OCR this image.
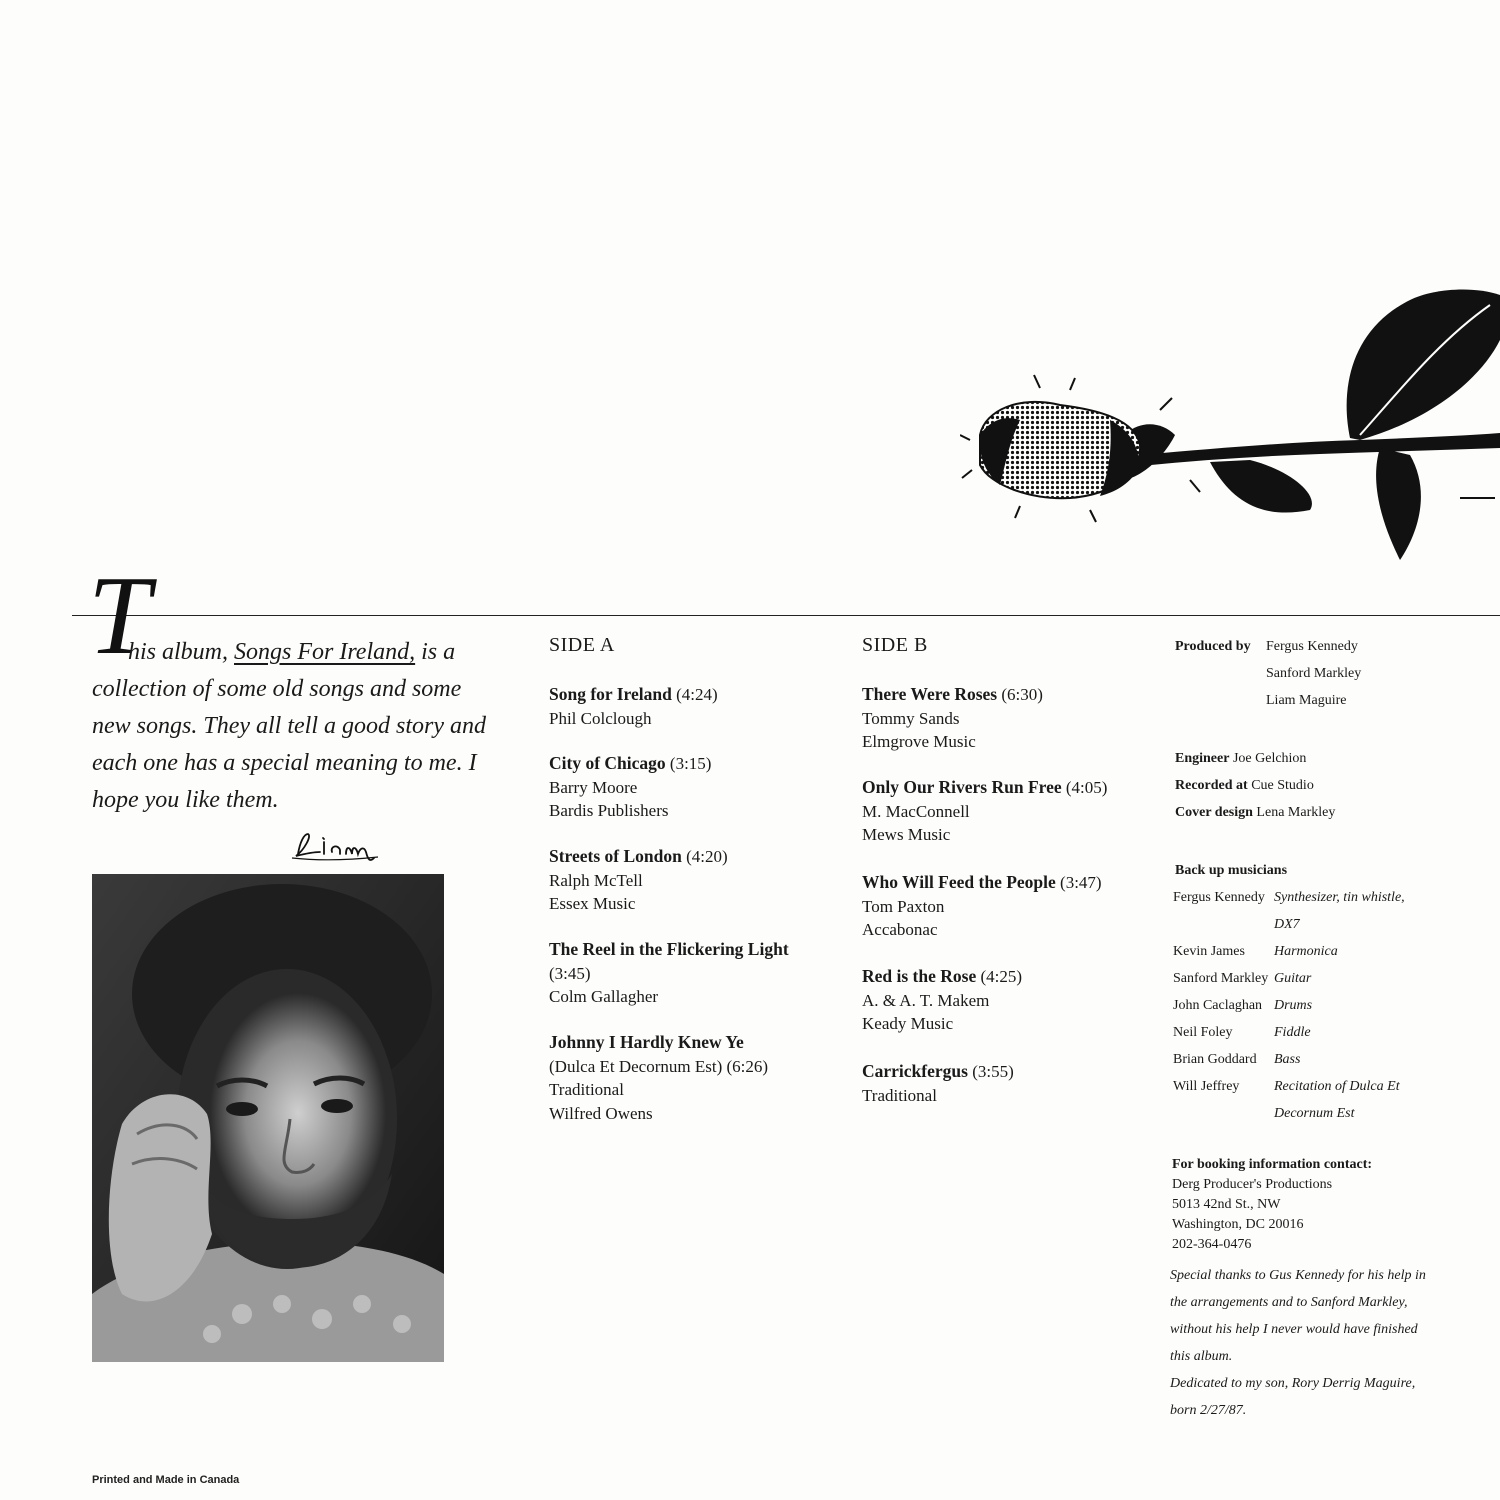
T
his album, Songs For Ireland, is a collection of some old songs and some new songs. They all tell a good story and each one has a special meaning to me. I hope you like them.
SIDE A
Song for Ireland (4:24)
Phil Colclough
City of Chicago (3:15)
Barry Moore
Bardis Publishers
Streets of London (4:20)
Ralph McTell
Essex Music
The Reel in the Flickering Light
(3:45)
Colm Gallagher
Johnny I Hardly Knew Ye
(Dulca Et Decornum Est) (6:26)
Traditional
Wilfred Owens
SIDE B
There Were Roses (6:30)
Tommy Sands
Elmgrove Music
Only Our Rivers Run Free (4:05)
M. MacConnell
Mews Music
Who Will Feed the People (3:47)
Tom Paxton
Accabonac
Red is the Rose (4:25)
A. & A. T. Makem
Keady Music
Carrickfergus (3:55)
Traditional
Produced by Fergus Kennedy
Sanford Markley
Liam Maguire
Engineer Joe Gelchion
Recorded at Cue Studio
Cover design Lena Markley
Back up musicians
Fergus Kennedy Synthesizer, tin whistle,
DX7
Kevin James	Harmonica
Sanford Markley Guitar
John Caclaghan Drums
Neil Foley	Fiddle
Brian Goddard	Bass
Will Jeffrey	Recitation of Dulca Et
Decornum Est
For booking information contact:
Derg Producer's Productions
5013 42nd St., NW
Washington, DC 20016
202-364-0476
Special thanks to Gus Kennedy for his help in
the arrangements and to Sanford Markley,
without his help I never would have finished
this album.
Dedicated to my son, Rory Derrig Maguire,
born 2/27/87.
Printed and Made in Canada
